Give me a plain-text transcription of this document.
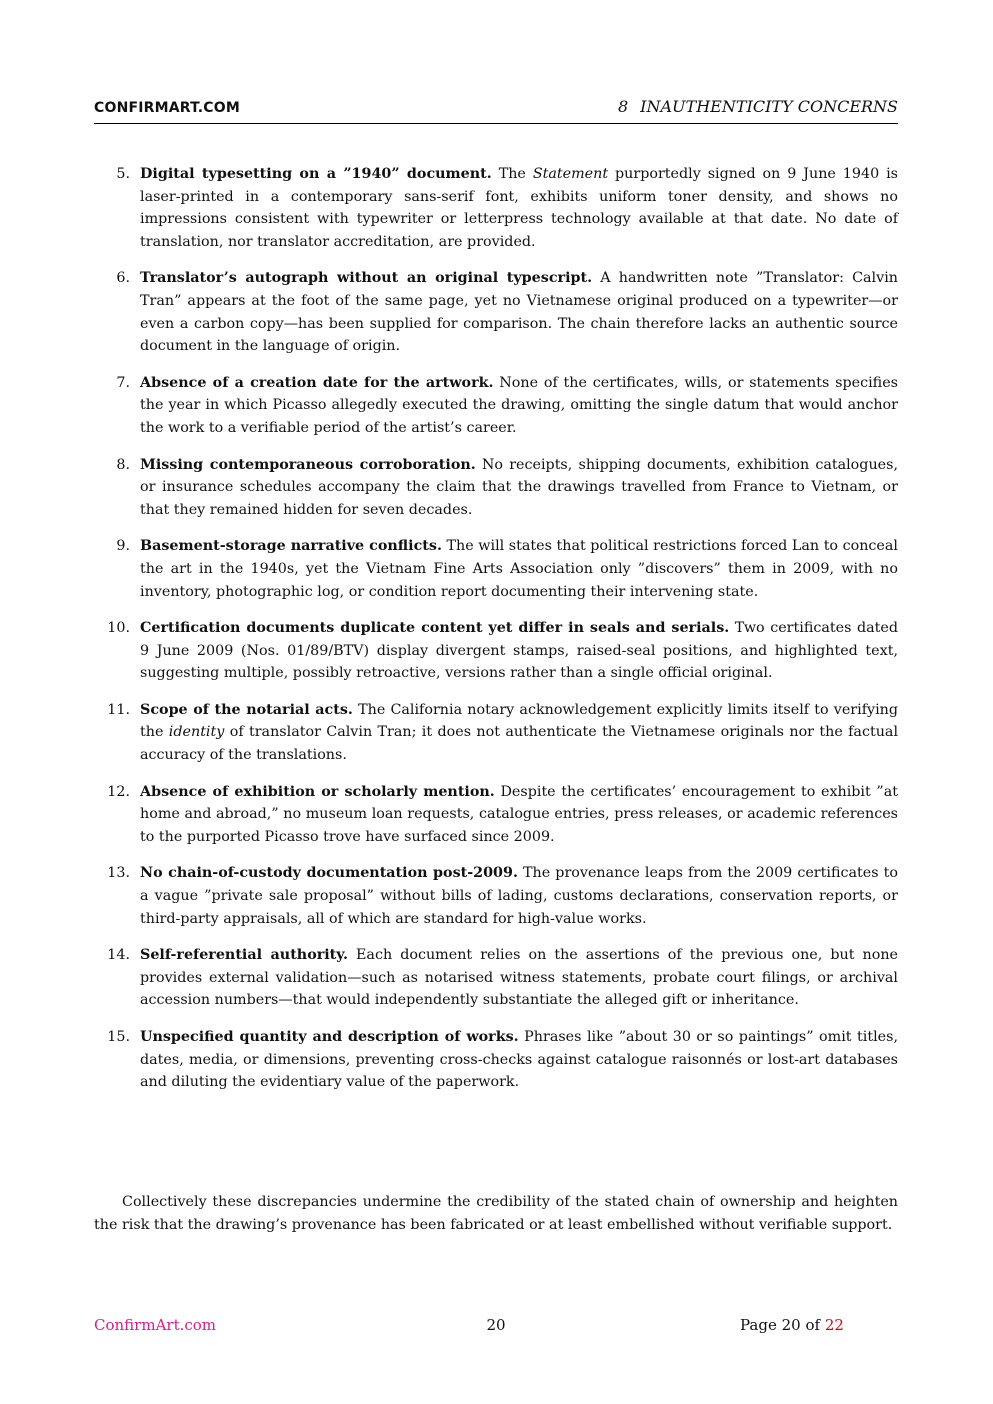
CONFIRMART.COM	8 INAUTHENTICITY CONCERNS
5. Digital typesetting on a ”1940” document. The Statement purportedly signed on 9 June 1940 is laser-printed in a contemporary sans-serif font, exhibits uniform toner density, and shows no impressions consistent with typewriter or letterpress technology available at that date. No date of translation, nor translator accreditation, are provided.
6. Translator’s autograph without an original typescript. A handwritten note ”Translator: Calvin Tran” appears at the foot of the same page, yet no Vietnamese original produced on a typewriter—or even a carbon copy—has been supplied for comparison. The chain therefore lacks an authentic source document in the language of origin.
7. Absence of a creation date for the artwork. None of the certificates, wills, or statements specifies the year in which Picasso allegedly executed the drawing, omitting the single datum that would anchor the work to a verifiable period of the artist’s career.
8. Missing contemporaneous corroboration. No receipts, shipping documents, exhibition catalogues, or insurance schedules accompany the claim that the drawings travelled from France to Vietnam, or that they remained hidden for seven decades.
9. Basement-storage narrative conflicts. The will states that political restrictions forced Lan to conceal the art in the 1940s, yet the Vietnam Fine Arts Association only ”discovers” them in 2009, with no inventory, photographic log, or condition report documenting their intervening state.
10. Certification documents duplicate content yet differ in seals and serials. Two certificates dated 9 June 2009 (Nos. 01/89/BTV) display divergent stamps, raised-seal positions, and highlighted text, suggesting multiple, possibly retroactive, versions rather than a single official original.
11. Scope of the notarial acts. The California notary acknowledgement explicitly limits itself to verifying the identity of translator Calvin Tran; it does not authenticate the Vietnamese originals nor the factual accuracy of the translations.
12. Absence of exhibition or scholarly mention. Despite the certificates’ encouragement to exhibit ”at home and abroad,” no museum loan requests, catalogue entries, press releases, or academic references to the purported Picasso trove have surfaced since 2009.
13. No chain-of-custody documentation post-2009. The provenance leaps from the 2009 certificates to a vague ”private sale proposal” without bills of lading, customs declarations, conservation reports, or third-party appraisals, all of which are standard for high-value works.
14. Self-referential authority. Each document relies on the assertions of the previous one, but none provides external validation—such as notarised witness statements, probate court filings, or archival accession numbers—that would independently substantiate the alleged gift or inheritance.
15. Unspecified quantity and description of works. Phrases like ”about 30 or so paintings” omit titles, dates, media, or dimensions, preventing cross-checks against catalogue raisonnés or lost-art databases and diluting the evidentiary value of the paperwork.

Collectively these discrepancies undermine the credibility of the stated chain of ownership and heighten the risk that the drawing’s provenance has been fabricated or at least embellished without verifiable support.

ConfirmArt.com	20	Page 20 of 22
